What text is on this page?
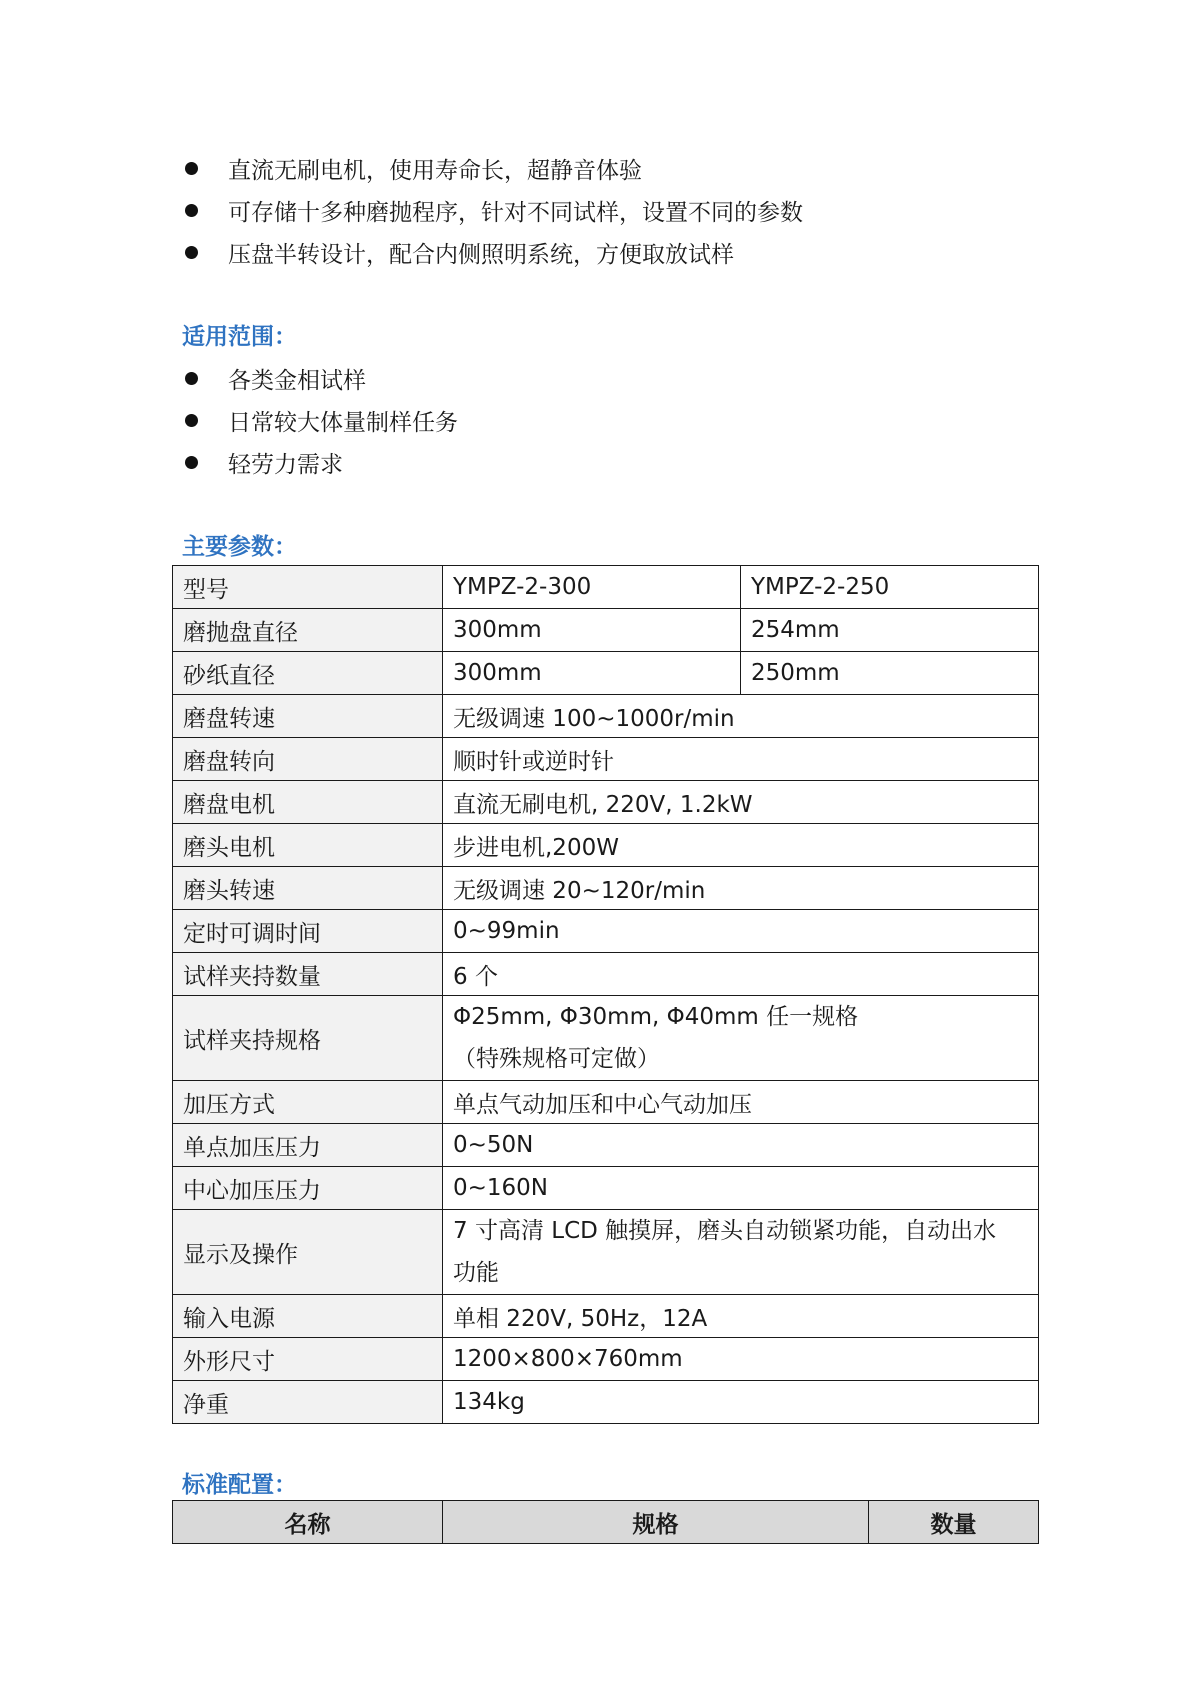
直流无刷电机，使用寿命长，超静音体验
可存储十多种磨抛程序，针对不同试样，设置不同的参数
压盘半转设计，配合内侧照明系统，方便取放试样
适用范围：
各类金相试样
日常较大体量制样任务
轻劳力需求
主要参数：
型号	YMPZ-2-300	YMPZ-2-250
磨抛盘直径	300mm	254mm
砂纸直径	300mm	250mm
磨盘转速	无级调速 100~1000r/min	
磨盘转向	顺时针或逆时针	
磨盘电机	直流无刷电机, 220V, 1.2kW	
磨头电机	步进电机,200W	
磨头转速	无级调速 20~120r/min	
定时可调时间	0~99min	
试样夹持数量	6 个	
试样夹持规格	Φ25mm, Φ30mm, Φ40mm 任一规格
（特殊规格可定做）	

加压方式	单点气动加压和中心气动加压	
单点加压压力	0~50N	
中心加压压力	0~160N	
显示及操作	7 寸高清 LCD 触摸屏，磨头自动锁紧功能，自动出水
功能	

输入电源	单相 220V, 50Hz，12A	
外形尺寸	1200×800×760mm	
净重	134kg	
标准配置：
名称	规格	数量
